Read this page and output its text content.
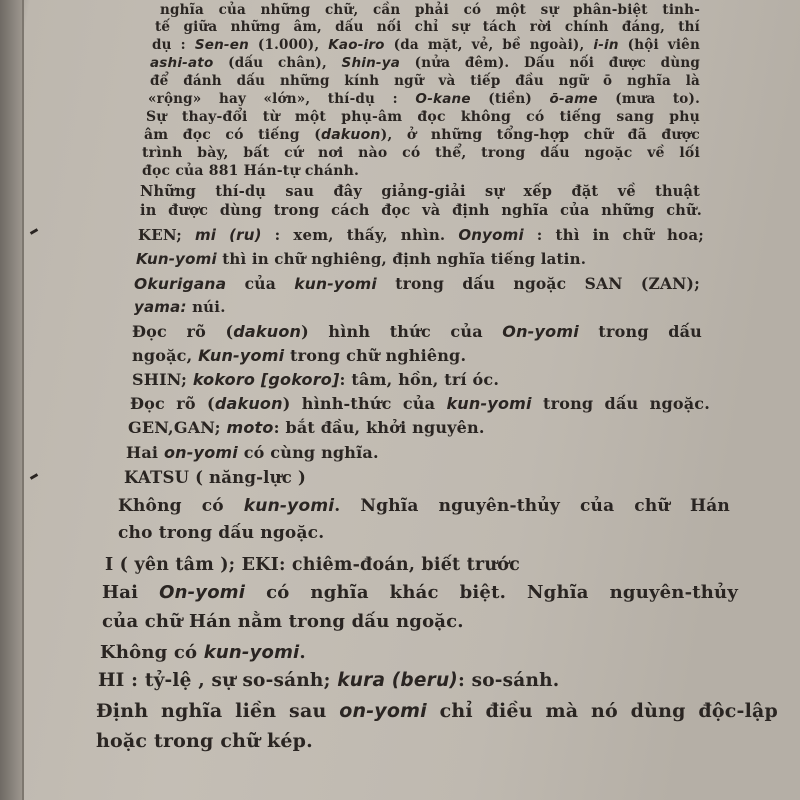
nghĩa của những chữ, cần phải có một sự phân-biệt tinh-
tế giữa những âm, dấu nối chỉ sự tách rời chính đáng, thí
dụ : Sen-en (1.000), Kao-iro (da mặt, vẻ, bề ngoài), i-in (hội viên
ashi-ato (dấu chân), Shin-ya (nửa đêm). Dấu nối được dùng
để đánh dấu những kính ngữ và tiếp đầu ngữ ō nghĩa là
«rộng» hay «lớn», thí-dụ : O-kane (tiền) ō-ame (mưa to).
Sự thay-đổi từ một phụ-âm đọc không có tiếng sang phụ
âm đọc có tiếng (dakuon), ở những tổng-hợp chữ đã được
trình bày, bất cứ nơi nào có thể, trong dấu ngoặc về lối
đọc của 881 Hán-tự chánh.
Những thí-dụ sau đây giảng-giải sự xếp đặt về thuật
in được dùng trong cách đọc và định nghĩa của những chữ.
KEN; mi (ru) : xem, thấy, nhìn. Onyomi : thì in chữ hoa;
Kun-yomi thì in chữ nghiêng, định nghĩa tiếng latin.
Okurigana của kun-yomi trong dấu ngoặc SAN (ZAN);
yama: núi.
Đọc rõ (dakuon) hình thức của On-yomi trong dấu
ngoặc, Kun-yomi trong chữ nghiêng.
SHIN; kokoro [gokoro]: tâm, hồn, trí óc.
Đọc rõ (dakuon) hình-thức của kun-yomi trong dấu ngoặc.
GEN,GAN; moto: bắt đầu, khởi nguyên.
Hai on-yomi có cùng nghĩa.
KATSU ( năng-lực )
Không có kun-yomi. Nghĩa nguyên-thủy của chữ Hán
cho trong dấu ngoặc.
I ( yên tâm ); EKI: chiêm-đoán, biết trước
Hai On-yomi có nghĩa khác biệt. Nghĩa nguyên-thủy
của chữ Hán nằm trong dấu ngoặc.
Không có kun-yomi.
HI : tỷ-lệ , sự so-sánh; kura (beru): so-sánh.
Định nghĩa liền sau on-yomi chỉ điều mà nó dùng độc-lập
hoặc trong chữ kép.
